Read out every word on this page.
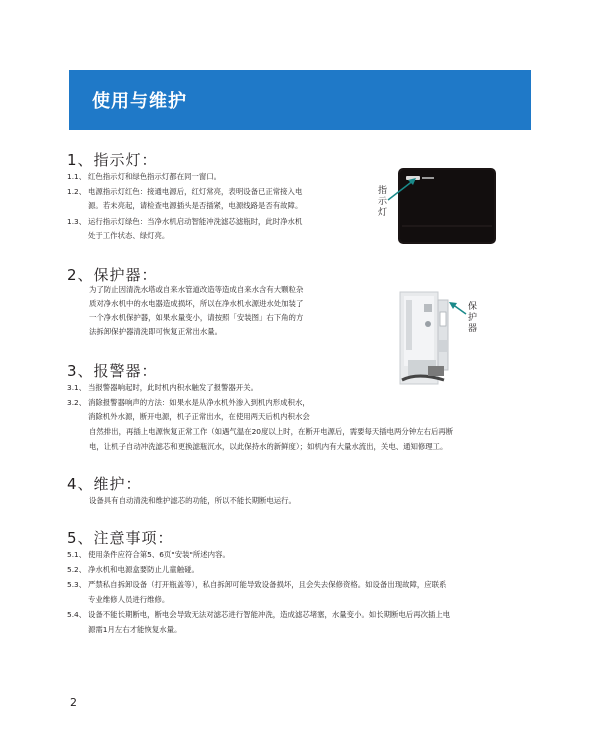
使用与维护
1、指示灯：
1.1、 红色指示灯和绿色指示灯都在同一窗口。
1.2、 电源指示灯红色：接通电源后，红灯常亮，表明设备已正常接入电
源。若未亮起，请检查电源插头是否插紧，电源线路是否有故障。
1.3、 运行指示灯绿色：当净水机启动智能冲洗滤芯滤瓶时，此时净水机
处于工作状态、绿灯亮。
指示灯
2、保护器：
为了防止因清洗水塔或自来水管道改造等造成自来水含有大颗粒杂
质对净水机中的水电器造成损坏，所以在净水机水源进水处加装了
一个净水机保护器，如果水量变小，请按照「安装图」右下角的方
法拆卸保护器清洗即可恢复正常出水量。
保护器
3、报警器：
3.1、 当报警器响起时，此时机内积水触发了报警器开关。
3.2、 消除报警器响声的方法：如果水是从净水机外渗入到机内形成积水，
消除机外水源，断开电源，机子正常出水，在使用两天后机内积水会
自然排出，再插上电源恢复正常工作（如遇气温在20度以上时，在断开电源后，需要每天插电两分钟左右后再断
电，让机子自动冲洗滤芯和更换滤瓶沉水，以此保持水的新鲜度）；如机内有大量水流出，关电、通知修理工。
4、维护：
设备具有自动清洗和维护滤芯的功能，所以不能长期断电运行。
5、注意事项：
5.1、 使用条件应符合第5、6页"安装"所述内容。
5.2、 净水机和电源盒要防止儿童触碰。
5.3、 严禁私自拆卸设备（打开瓶盖等），私自拆卸可能导致设备损坏，且会失去保修资格。如设备出现故障，应联系
专业维修人员进行维修。
5.4、 设备不能长期断电，断电会导致无法对滤芯进行智能冲洗，造成滤芯堵塞，水量变小。如长期断电后再次插上电
源需1月左右才能恢复水量。
2
